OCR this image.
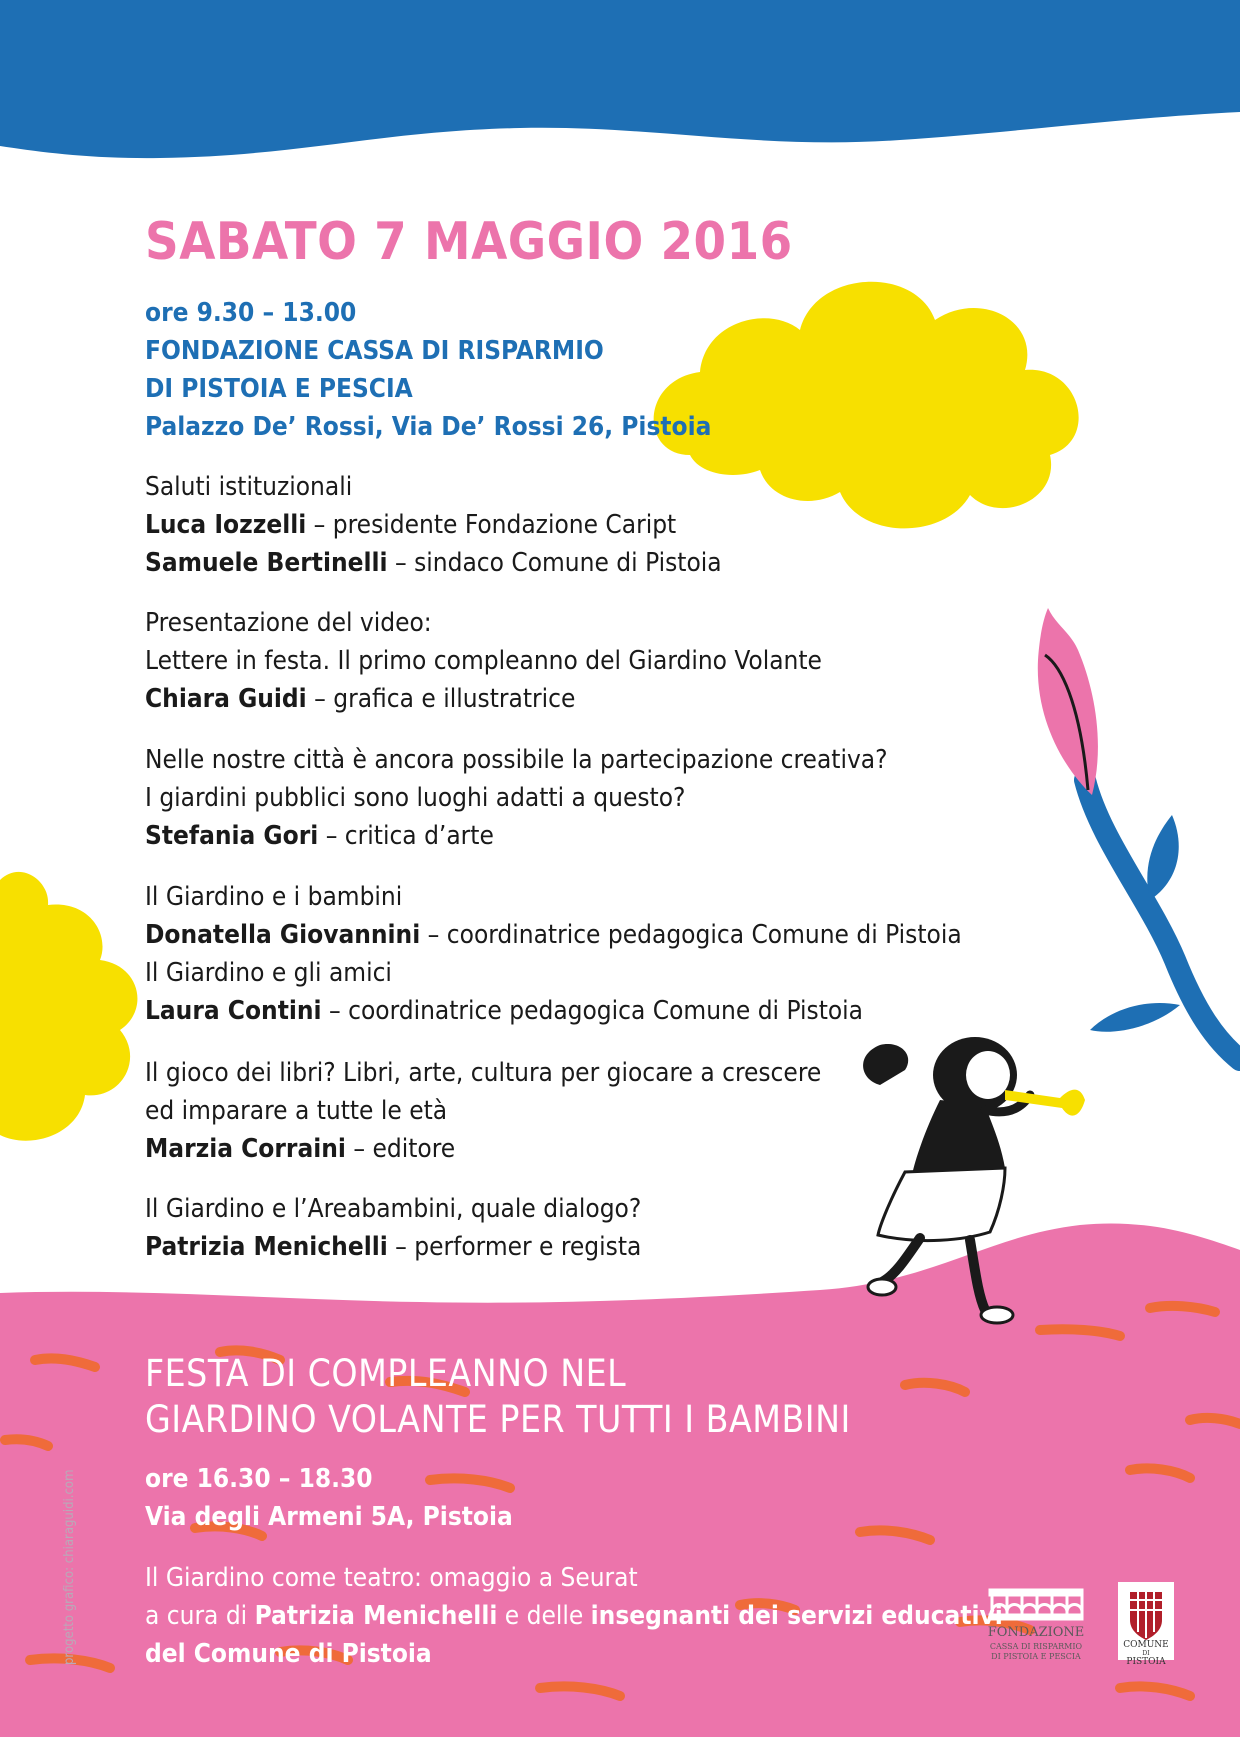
SABATO 7 MAGGIO 2016
ore 9.30 – 13.00
FONDAZIONE CASSA DI RISPARMIO
DI PISTOIA E PESCIA
Palazzo De’ Rossi, Via De’ Rossi 26, Pistoia
Saluti istituzionali
Luca Iozzelli – presidente Fondazione Caript
Samuele Bertinelli – sindaco Comune di Pistoia
Presentazione del video:
Lettere in festa. Il primo compleanno del Giardino Volante
Chiara Guidi – grafica e illustratrice
Nelle nostre città è ancora possibile la partecipazione creativa?
I giardini pubblici sono luoghi adatti a questo?
Stefania Gori – critica d’arte
Il Giardino e i bambini
Donatella Giovannini – coordinatrice pedagogica Comune di Pistoia
Il Giardino e gli amici
Laura Contini – coordinatrice pedagogica Comune di Pistoia
Il gioco dei libri? Libri, arte, cultura per giocare a crescere
ed imparare a tutte le età
Marzia Corraini – editore
Il Giardino e l’Areabambini, quale dialogo?
Patrizia Menichelli – performer e regista
FESTA DI COMPLEANNO NEL
GIARDINO VOLANTE PER TUTTI I BAMBINI
ore 16.30 – 18.30
Via degli Armeni 5A, Pistoia
Il Giardino come teatro: omaggio a Seurat
a cura di Patrizia Menichelli e delle insegnanti dei servizi educativi
del Comune di Pistoia
progetto grafico: chiaraguidi.com	FONDAZIONE
CASSA DI RISPARMIO
DI PISTOIA E PESCIA
COMUNE
DI
PISTOIA
